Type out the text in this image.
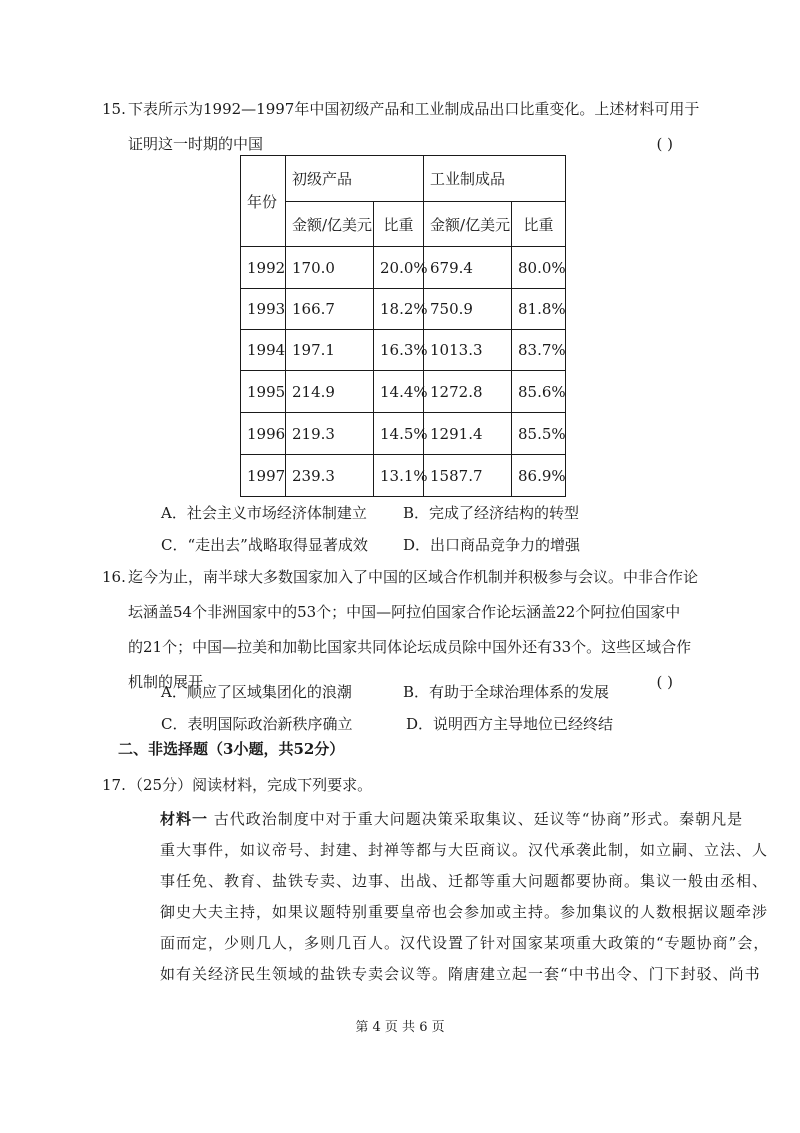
15. 下表所示为1992—1997年中国初级产品和工业制成品出口比重变化。上述材料可用于
证明这一时期的中国	( )
年份	初级产品		工业制成品	
	金额/亿美元	比重	金额/亿美元	比重
1992	170.0	20.0%	679.4	80.0%
1993	166.7	18.2%	750.9	81.8%
1994	197.1	16.3%	1013.3	83.7%
1995	214.9	14.4%	1272.8	85.6%
1996	219.3	14.5%	1291.4	85.5%
1997	239.3	13.1%	1587.7	86.9%
A．社会主义市场经济体制建立 B．完成了经济结构的转型
C．“走出去”战略取得显著成效 D．出口商品竞争力的增强
16. 迄今为止，南半球大多数国家加入了中国的区域合作机制并积极参与会议。中非合作论
坛涵盖54个非洲国家中的53个；中国—阿拉伯国家合作论坛涵盖22个阿拉伯国家中
的21个；中国—拉美和加勒比国家共同体论坛成员除中国外还有33个。这些区域合作
机制的展开	( )
A．顺应了区域集团化的浪潮	B．有助于全球治理体系的发展
C．表明国际政治新秩序确立	D．说明西方主导地位已经终结
二、非选择题（3小题，共52分）
17. （25分）阅读材料，完成下列要求。
材料一 古代政治制度中对于重大问题决策采取集议、廷议等“协商”形式。秦朝凡是
重大事件，如议帝号、封建、封禅等都与大臣商议。汉代承袭此制，如立嗣、立法、人
事任免、教育、盐铁专卖、边事、出战、迁都等重大问题都要协商。集议一般由丞相、
御史大夫主持，如果议题特别重要皇帝也会参加或主持。参加集议的人数根据议题牵涉
面而定，少则几人，多则几百人。汉代设置了针对国家某项重大政策的“专题协商”会，
如有关经济民生领域的盐铁专卖会议等。隋唐建立起一套“中书出令、门下封驳、尚书
第 4 页 共 6 页
